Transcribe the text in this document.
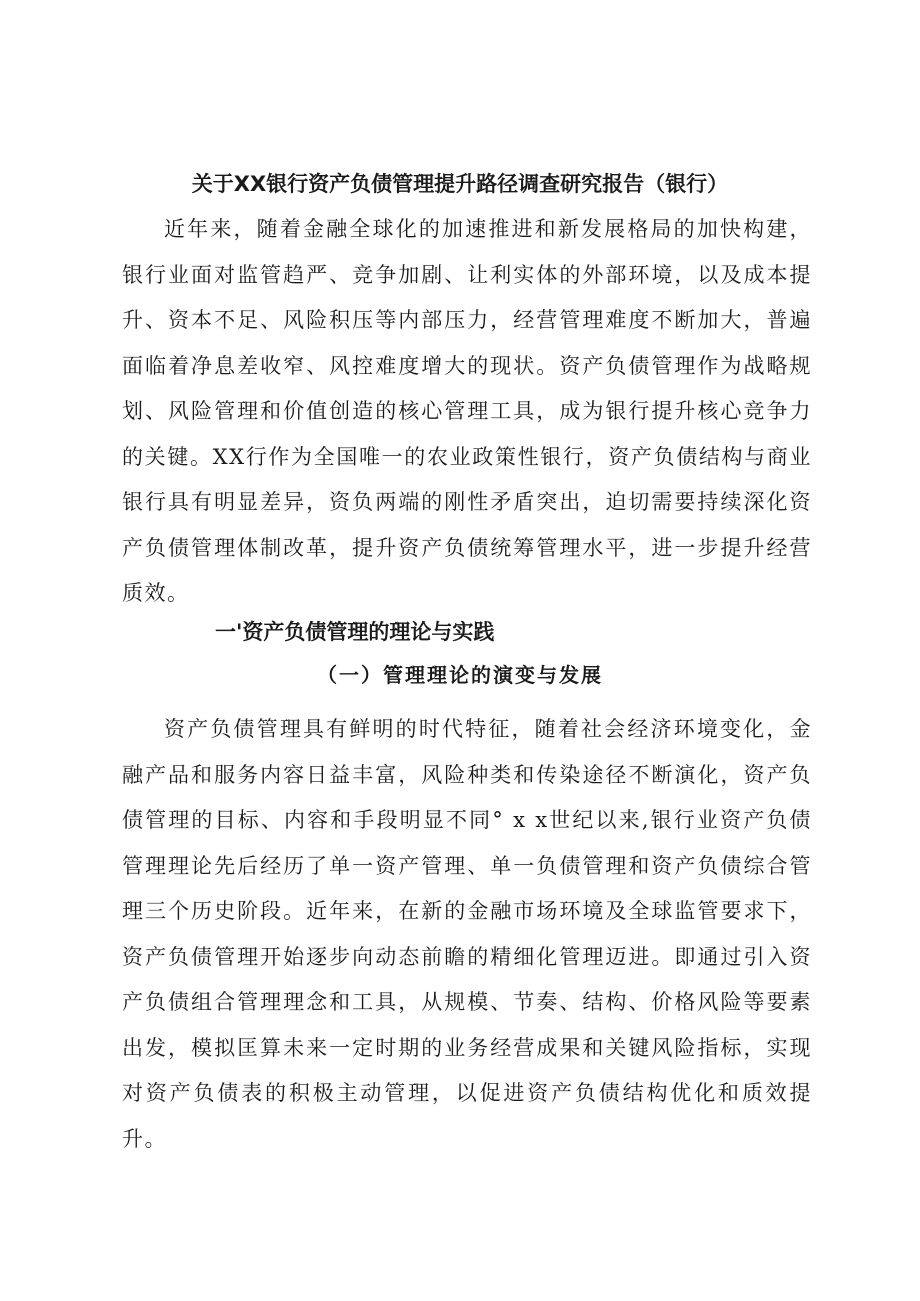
关于XX银行资产负债管理提升路径调查研究报告（银行）

近年来，随着金融全球化的加速推进和新发展格局的加快构建，银行业面对监管趋严、竞争加剧、让利实体的外部环境，以及成本提升、资本不足、风险积压等内部压力，经营管理难度不断加大，普遍面临着净息差收窄、风控难度增大的现状。资产负债管理作为战略规划、风险管理和价值创造的核心管理工具，成为银行提升核心竞争力的关键。XX行作为全国唯一的农业政策性银行，资产负债结构与商业银行具有明显差异，资负两端的刚性矛盾突出，迫切需要持续深化资产负债管理体制改革，提升资产负债统筹管理水平，进一步提升经营质效。

一'资产负债管理的理论与实践
（一）管理理论的演变与发展

资产负债管理具有鲜明的时代特征，随着社会经济环境变化，金融产品和服务内容日益丰富，风险种类和传染途径不断演化，资产负债管理的目标、内容和手段明显不同° x x世纪以来,银行业资产负债管理理论先后经历了单一资产管理、单一负债管理和资产负债综合管理三个历史阶段。近年来，在新的金融市场环境及全球监管要求下，资产负债管理开始逐步向动态前瞻的精细化管理迈进。即通过引入资产负债组合管理理念和工具，从规模、节奏、结构、价格风险等要素出发，模拟匡算未来一定时期的业务经营成果和关键风险指标，实现对资产负债表的积极主动管理，以促进资产负债结构优化和质效提升。
